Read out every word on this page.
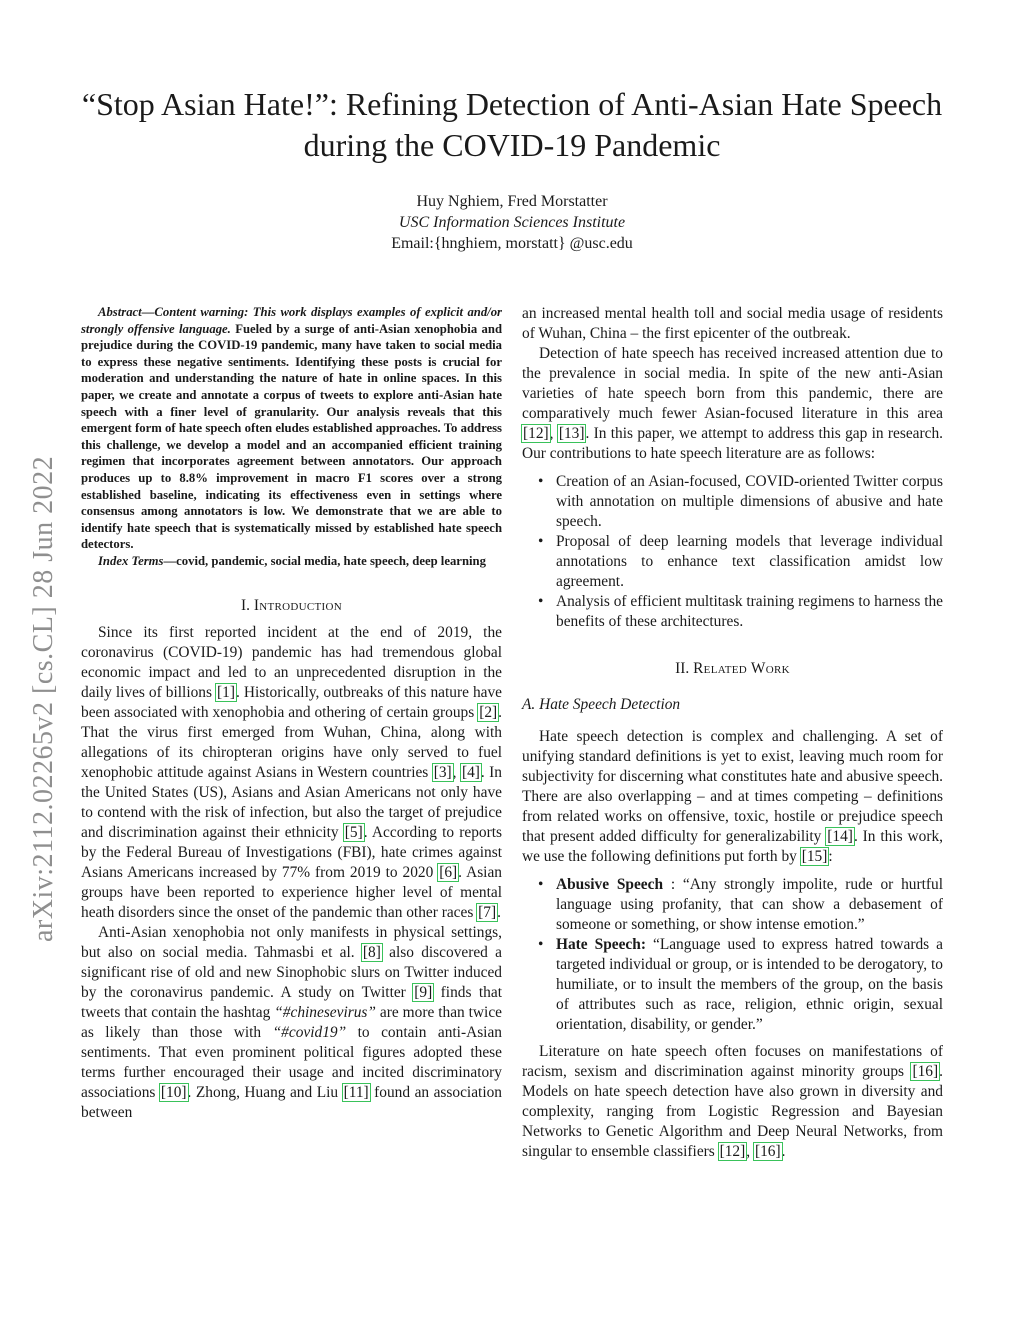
“Stop Asian Hate!”: Refining Detection of Anti-Asian Hate Speech during the COVID-19 Pandemic
Huy Nghiem, Fred Morstatter
USC Information Sciences Institute
Email:{hnghiem, morstatt} @usc.edu
arXiv:2112.02265v2 [cs.CL] 28 Jun 2022

Abstract—Content warning: This work displays examples of explicit and/or strongly offensive language. Fueled by a surge of anti-Asian xenophobia and prejudice during the COVID-19 pandemic, many have taken to social media to express these negative sentiments. Identifying these posts is crucial for moderation and understanding the nature of hate in online spaces. In this paper, we create and annotate a corpus of tweets to explore anti-Asian hate speech with a finer level of granularity. Our analysis reveals that this emergent form of hate speech often eludes established approaches. To address this challenge, we develop a model and an accompanied efficient training regimen that incorporates agreement between annotators. Our approach produces up to 8.8% improvement in macro F1 scores over a strong established baseline, indicating its effectiveness even in settings where consensus among annotators is low. We demonstrate that we are able to identify hate speech that is systematically missed by established hate speech detectors.

Index Terms—covid, pandemic, social media, hate speech, deep learning

I. Introduction

Since its first reported incident at the end of 2019, the coronavirus (COVID-19) pandemic has had tremendous global economic impact and led to an unprecedented disruption in the daily lives of billions [1]. Historically, outbreaks of this nature have been associated with xenophobia and othering of certain groups [2]. That the virus first emerged from Wuhan, China, along with allegations of its chiropteran origins have only served to fuel xenophobic attitude against Asians in Western countries [3], [4]. In the United States (US), Asians and Asian Americans not only have to contend with the risk of infection, but also the target of prejudice and discrimination against their ethnicity [5]. According to reports by the Federal Bureau of Investigations (FBI), hate crimes against Asians Americans increased by 77% from 2019 to 2020 [6]. Asian groups have been reported to experience higher level of mental heath disorders since the onset of the pandemic than other races [7].

Anti-Asian xenophobia not only manifests in physical settings, but also on social media. Tahmasbi et al. [8] also discovered a significant rise of old and new Sinophobic slurs on Twitter induced by the coronavirus pandemic. A study on Twitter [9] finds that tweets that contain the hashtag “#chinesevirus” are more than twice as likely than those with “#covid19” to contain anti-Asian sentiments. That even prominent political figures adopted these terms further encouraged their usage and incited discriminatory associations [10]. Zhong, Huang and Liu [11] found an association between

an increased mental health toll and social media usage of residents of Wuhan, China – the first epicenter of the outbreak.

Detection of hate speech has received increased attention due to the prevalence in social media. In spite of the new anti-Asian varieties of hate speech born from this pandemic, there are comparatively much fewer Asian-focused literature in this area [12], [13]. In this paper, we attempt to address this gap in research. Our contributions to hate speech literature are as follows:

• Creation of an Asian-focused, COVID-oriented Twitter corpus with annotation on multiple dimensions of abusive and hate speech.
• Proposal of deep learning models that leverage individual annotations to enhance text classification amidst low agreement.
• Analysis of efficient multitask training regimens to harness the benefits of these architectures.
II. Related Work
A. Hate Speech Detection

Hate speech detection is complex and challenging. A set of unifying standard definitions is yet to exist, leaving much room for subjectivity for discerning what constitutes hate and abusive speech. There are also overlapping – and at times competing – definitions from related works on offensive, toxic, hostile or prejudice speech that present added difficulty for generalizability [14]. In this work, we use the following definitions put forth by [15]:

• Abusive Speech : “Any strongly impolite, rude or hurtful language using profanity, that can show a debasement of someone or something, or show intense emotion.”
• Hate Speech: “Language used to express hatred towards a targeted individual or group, or is intended to be derogatory, to humiliate, or to insult the members of the group, on the basis of attributes such as race, religion, ethnic origin, sexual orientation, disability, or gender.”

Literature on hate speech often focuses on manifestations of racism, sexism and discrimination against minority groups [16]. Models on hate speech detection have also grown in diversity and complexity, ranging from Logistic Regression and Bayesian Networks to Genetic Algorithm and Deep Neural Networks, from singular to ensemble classifiers [12], [16].
